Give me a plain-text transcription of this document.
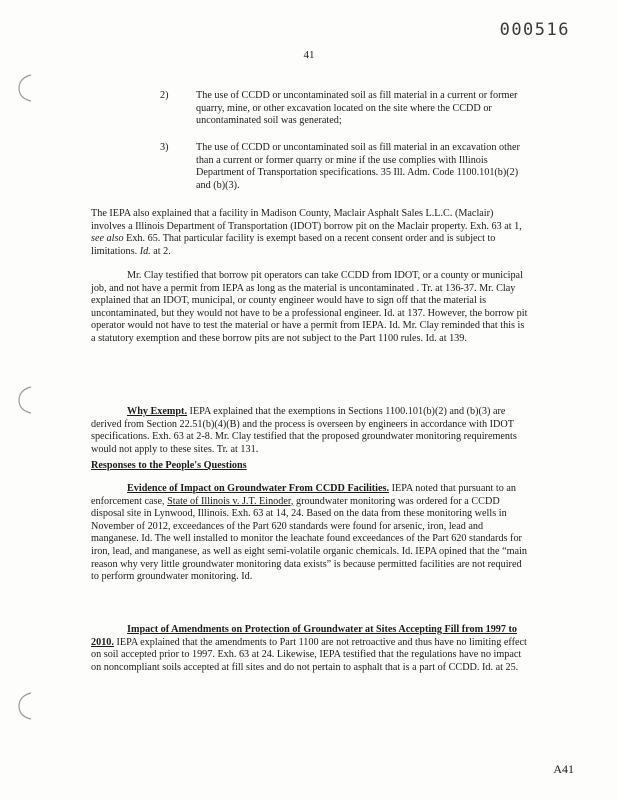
000516
41
2)	The use of CCDD or uncontaminated soil as fill material in a current or former quarry, mine, or other excavation located on the site where the CCDD or uncontaminated soil was generated;
3)	The use of CCDD or uncontaminated soil as fill material in an excavation other than a current or former quarry or mine if the use complies with Illinois Department of Transportation specifications. 35 Ill. Adm. Code 1100.101(b)(2) and (b)(3).

The IEPA also explained that a facility in Madison County, Maclair Asphalt Sales L.L.C. (Maclair) involves a Illinois Department of Transportation (IDOT) borrow pit on the Maclair property. Exh. 63 at 1, see also Exh. 65. That particular facility is exempt based on a recent consent order and is subject to limitations. Id. at 2.

Mr. Clay testified that borrow pit operators can take CCDD from IDOT, or a county or municipal job, and not have a permit from IEPA as long as the material is uncontaminated . Tr. at 136-37. Mr. Clay explained that an IDOT, municipal, or county engineer would have to sign off that the material is uncontaminated, but they would not have to be a professional engineer. Id. at 137. However, the borrow pit operator would not have to test the material or have a permit from IEPA. Id. Mr. Clay reminded that this is a statutory exemption and these borrow pits are not subject to the Part 1100 rules. Id. at 139.

Why Exempt. IEPA explained that the exemptions in Sections 1100.101(b)(2) and (b)(3) are derived from Section 22.51(b)(4)(B) and the process is overseen by engineers in accordance with IDOT specifications. Exh. 63 at 2-8. Mr. Clay testified that the proposed groundwater monitoring requirements would not apply to these sites. Tr. at 131.

Responses to the People's Questions

Evidence of Impact on Groundwater From CCDD Facilities. IEPA noted that pursuant to an enforcement case, State of Illinois v. J.T. Einoder, groundwater monitoring was ordered for a CCDD disposal site in Lynwood, Illinois. Exh. 63 at 14, 24. Based on the data from these monitoring wells in November of 2012, exceedances of the Part 620 standards were found for arsenic, iron, lead and manganese. Id. The well installed to monitor the leachate found exceedances of the Part 620 standards for iron, lead, and manganese, as well as eight semi-volatile organic chemicals. Id. IEPA opined that the “main reason why very little groundwater monitoring data exists” is because permitted facilities are not required to perform groundwater monitoring. Id.

Impact of Amendments on Protection of Groundwater at Sites Accepting Fill from 1997 to 2010. IEPA explained that the amendments to Part 1100 are not retroactive and thus have no limiting effect on soil accepted prior to 1997. Exh. 63 at 24. Likewise, IEPA testified that the regulations have no impact on noncompliant soils accepted at fill sites and do not pertain to asphalt that is a part of CCDD. Id. at 25.

A41
